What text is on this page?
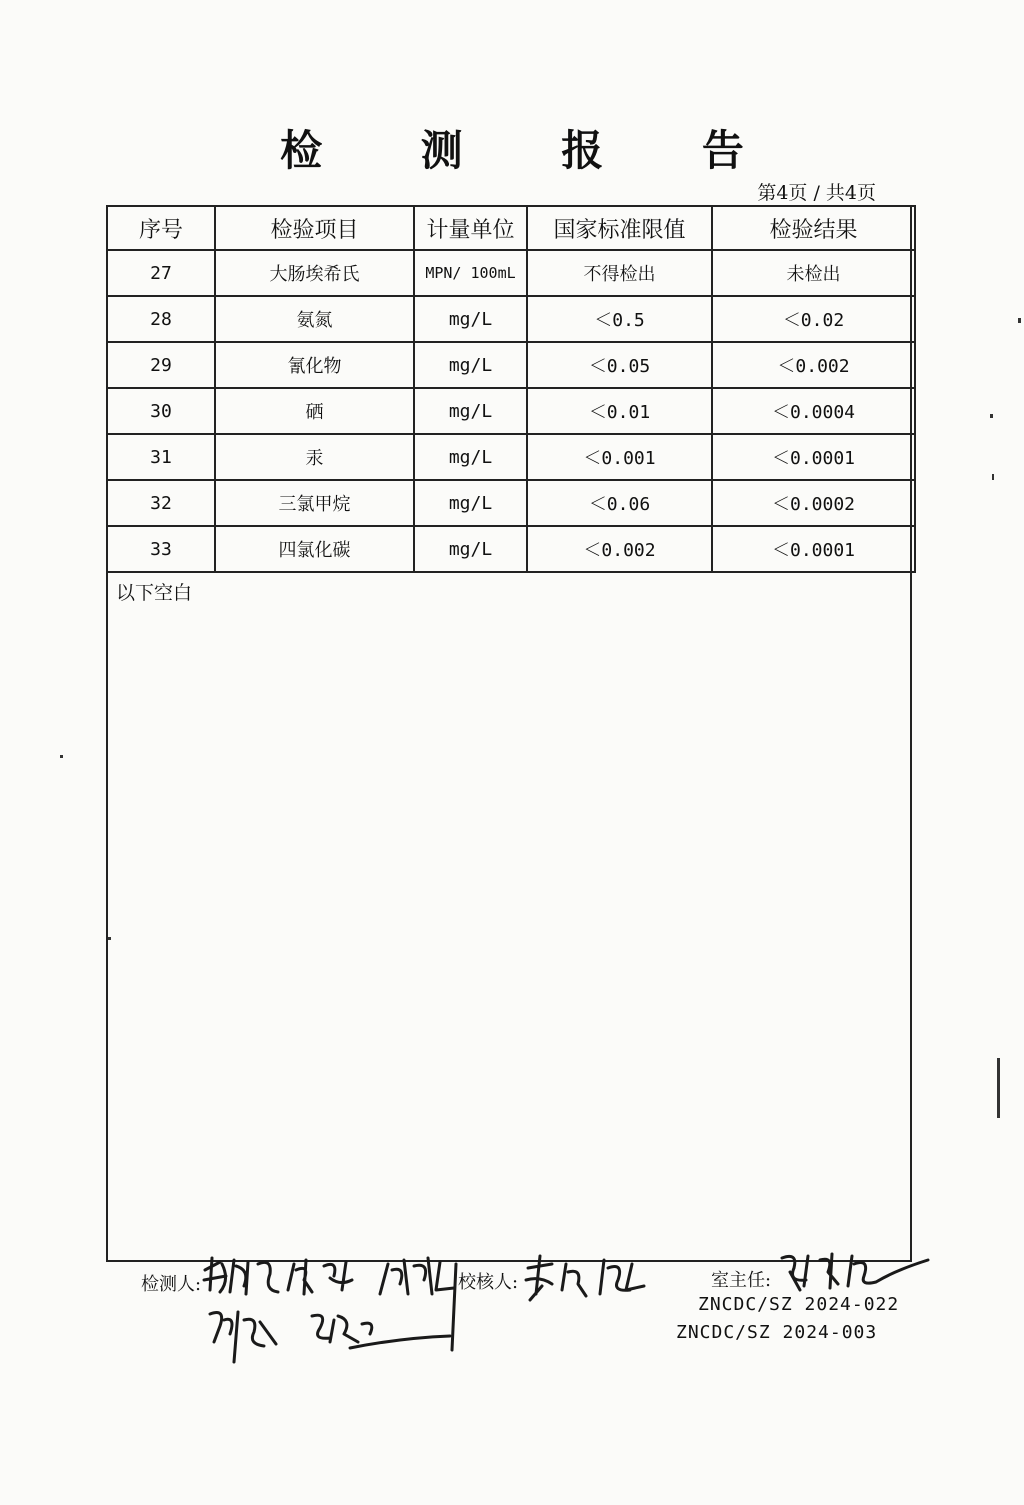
检 测 报 告
第4页 / 共4页
序号	检验项目	计量单位	国家标准限值	检验结果
27	大肠埃希氏	MPN/ 100mL	不得检出	未检出
28	氨氮	mg/L	＜0.5	＜0.02
29	氰化物	mg/L	＜0.05	＜0.002
30	硒	mg/L	＜0.01	＜0.0004
31	汞	mg/L	＜0.001	＜0.0001
32	三氯甲烷	mg/L	＜0.06	＜0.0002
33	四氯化碳	mg/L	＜0.002	＜0.0001
以下空白
检测人:	校核人:	室主任:
ZNCDC/SZ 2024-022
ZNCDC/SZ 2024-003
